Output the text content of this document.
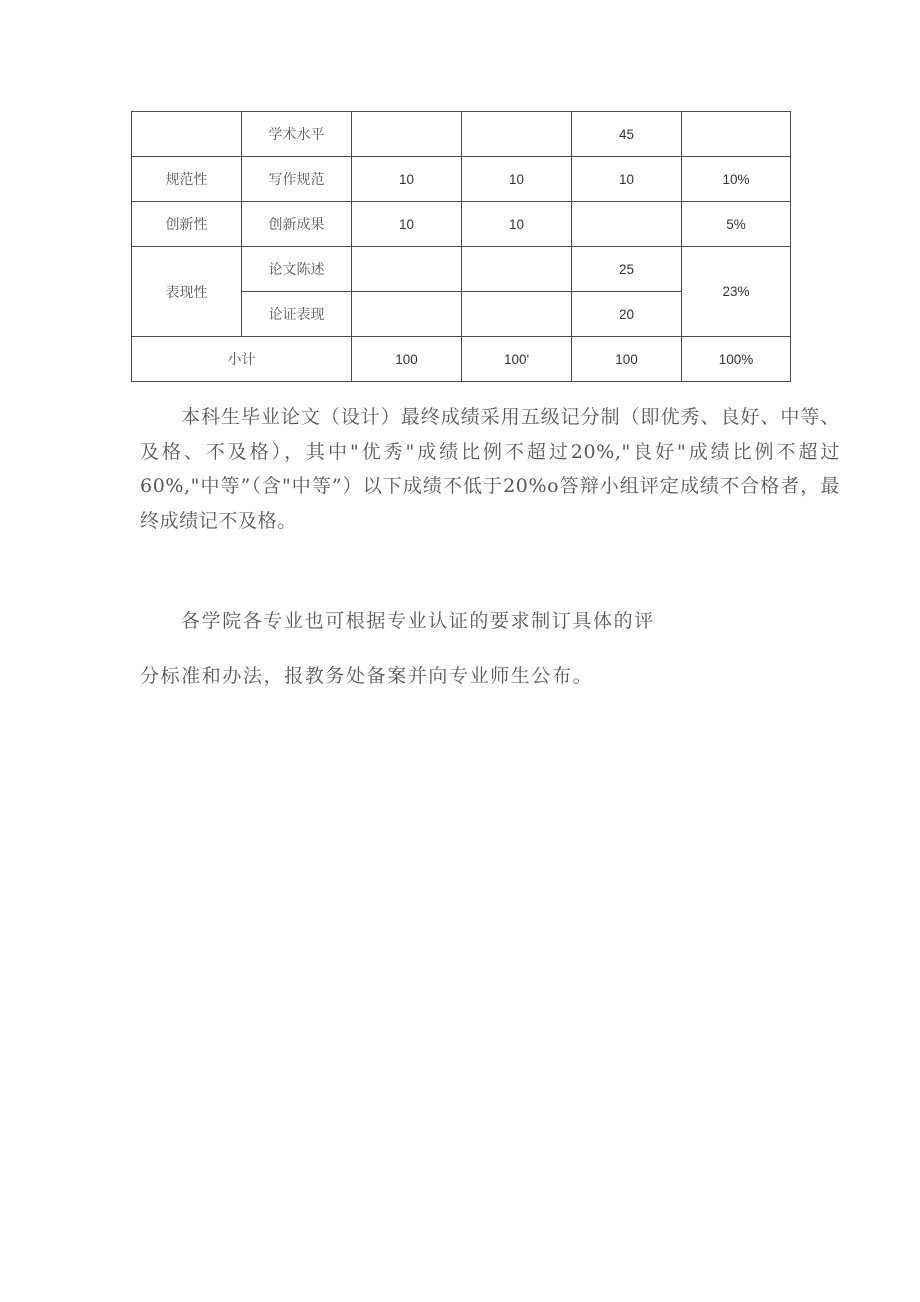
	学术水平			45	
规范性	写作规范	10	10	10	10%
创新性	创新成果	10	10		5%
表现性	论文陈述			25	23%
	论证表现			20	
小计		100	100'	100	100%

本科生毕业论文（设计）最终成绩采用五级记分制（即优秀、良好、中等、及格、不及格），其中"优秀"成绩比例不超过20%,"良好"成绩比例不超过60%,"中等”（含"中等”）以下成绩不低于20%o答辩小组评定成绩不合格者，最终成绩记不及格。

各学院各专业也可根据专业认证的要求制订具体的评

分标准和办法，报教务处备案并向专业师生公布。
